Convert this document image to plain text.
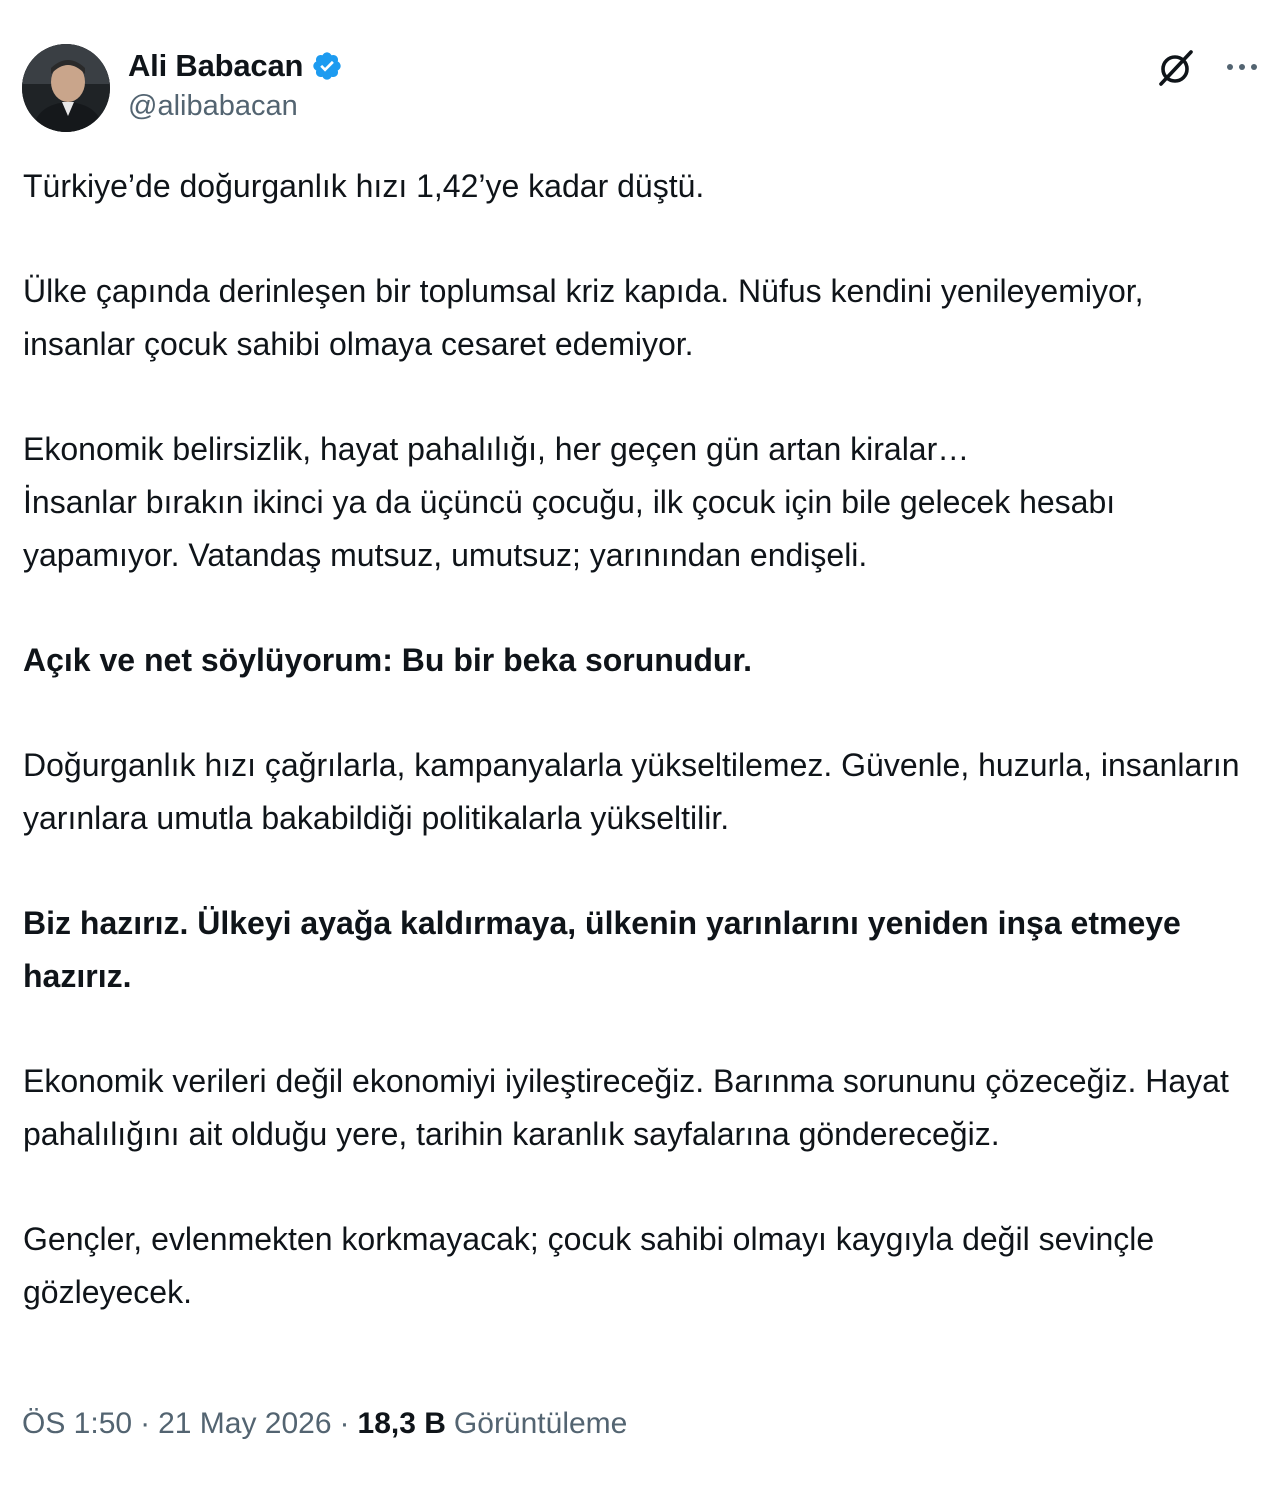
Ali Babacan
@alibabacan

Türkiye’de doğurganlık hızı 1,42’ye kadar düştü.

Ülke çapında derinleşen bir toplumsal kriz kapıda. Nüfus kendini yenileyemiyor, insanlar çocuk sahibi olmaya cesaret edemiyor.

Ekonomik belirsizlik, hayat pahalılığı, her geçen gün artan kiralar…
İnsanlar bırakın ikinci ya da üçüncü çocuğu, ilk çocuk için bile gelecek hesabı yapamıyor. Vatandaş mutsuz, umutsuz; yarınından endişeli.

Açık ve net söylüyorum: Bu bir beka sorunudur.

Doğurganlık hızı çağrılarla, kampanyalarla yükseltilemez. Güvenle, huzurla, insanların yarınlara umutla bakabildiği politikalarla yükseltilir.

Biz hazırız. Ülkeyi ayağa kaldırmaya, ülkenin yarınlarını yeniden inşa etmeye hazırız.

Ekonomik verileri değil ekonomiyi iyileştireceğiz. Barınma sorununu çözeceğiz. Hayat pahalılığını ait olduğu yere, tarihin karanlık sayfalarına göndereceğiz.

Gençler, evlenmekten korkmayacak; çocuk sahibi olmayı kaygıyla değil sevinçle gözleyecek.

ÖS 1:50 · 21 May 2026 · 18,3 B Görüntüleme
